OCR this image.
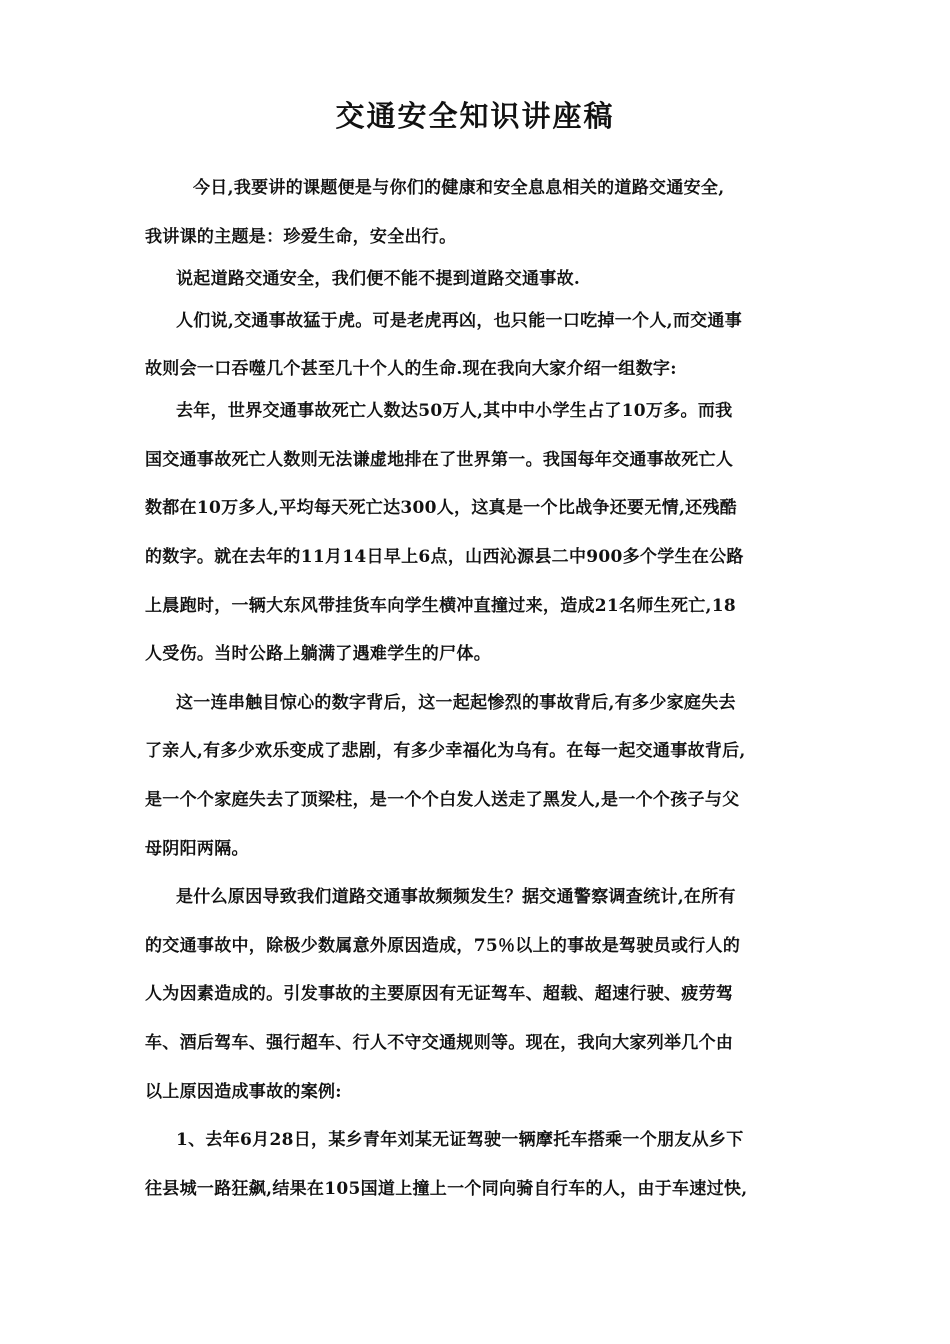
交通安全知识讲座稿
今日,我要讲的课题便是与你们的健康和安全息息相关的道路交通安全,
我讲课的主题是：珍爱生命，安全出行。
说起道路交通安全，我们便不能不提到道路交通事故.
人们说,交通事故猛于虎。可是老虎再凶，也只能一口吃掉一个人,而交通事
故则会一口吞噬几个甚至几十个人的生命.现在我向大家介绍一组数字:
去年，世界交通事故死亡人数达50万人,其中中小学生占了10万多。而我
国交通事故死亡人数则无法谦虚地排在了世界第一。我国每年交通事故死亡人
数都在10万多人,平均每天死亡达300人，这真是一个比战争还要无情,还残酷
的数字。就在去年的11月14日早上6点，山西沁源县二中900多个学生在公路
上晨跑时，一辆大东风带挂货车向学生横冲直撞过来，造成21名师生死亡,18
人受伤。当时公路上躺满了遇难学生的尸体。
这一连串触目惊心的数字背后，这一起起惨烈的事故背后,有多少家庭失去
了亲人,有多少欢乐变成了悲剧，有多少幸福化为乌有。在每一起交通事故背后,
是一个个家庭失去了顶梁柱，是一个个白发人送走了黑发人,是一个个孩子与父
母阴阳两隔。
是什么原因导致我们道路交通事故频频发生？据交通警察调查统计,在所有
的交通事故中，除极少数属意外原因造成，75％以上的事故是驾驶员或行人的
人为因素造成的。引发事故的主要原因有无证驾车、超载、超速行驶、疲劳驾
车、酒后驾车、强行超车、行人不守交通规则等。现在，我向大家列举几个由
以上原因造成事故的案例:
1、去年6月28日，某乡青年刘某无证驾驶一辆摩托车搭乘一个朋友从乡下
往县城一路狂飙,结果在105国道上撞上一个同向骑自行车的人，由于车速过快,
